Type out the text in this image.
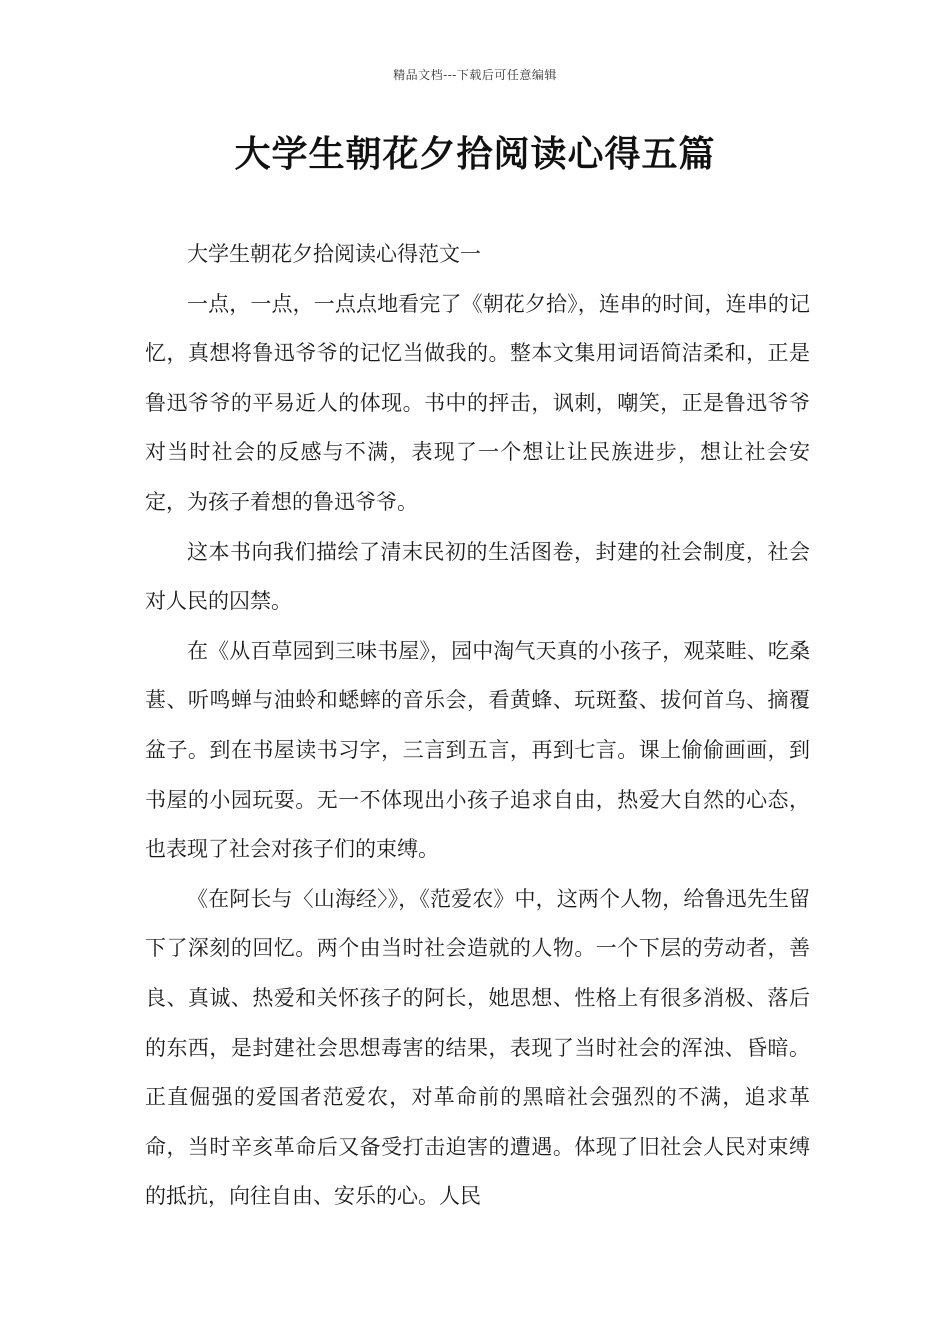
精品文档---下载后可任意编辑
大学生朝花夕拾阅读心得五篇

大学生朝花夕拾阅读心得范文一

一点，一点，一点点地看完了《朝花夕拾》，连串的时间，连串的记忆，真想将鲁迅爷爷的记忆当做我的。整本文集用词语简洁柔和，正是鲁迅爷爷的平易近人的体现。书中的抨击，讽刺，嘲笑，正是鲁迅爷爷对当时社会的反感与不满，表现了一个想让让民族进步，想让社会安定，为孩子着想的鲁迅爷爷。

这本书向我们描绘了清末民初的生活图卷，封建的社会制度，社会对人民的囚禁。

在《从百草园到三味书屋》，园中淘气天真的小孩子，观菜畦、吃桑葚、听鸣蝉与油蛉和蟋蟀的音乐会，看黄蜂、玩斑蝥、拔何首乌、摘覆盆子。到在书屋读书习字，三言到五言，再到七言。课上偷偷画画，到书屋的小园玩耍。无一不体现出小孩子追求自由，热爱大自然的心态，也表现了社会对孩子们的束缚。

《在阿长与〈山海经〉》，《范爱农》中，这两个人物，给鲁迅先生留下了深刻的回忆。两个由当时社会造就的人物。一个下层的劳动者，善良、真诚、热爱和关怀孩子的阿长，她思想、性格上有很多消极、落后的东西，是封建社会思想毒害的结果，表现了当时社会的浑浊、昏暗。正直倔强的爱国者范爱农，对革命前的黑暗社会强烈的不满，追求革命，当时辛亥革命后又备受打击迫害的遭遇。体现了旧社会人民对束缚的抵抗，向往自由、安乐的心。人民
